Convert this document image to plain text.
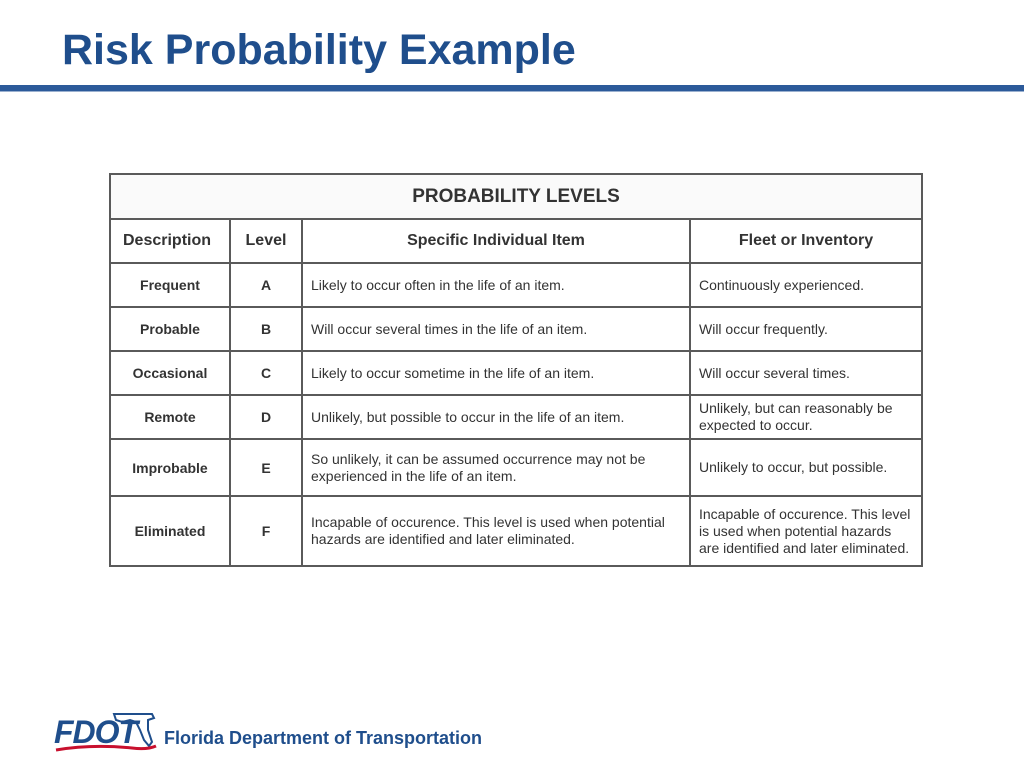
Risk Probability Example
PROBABILITY LEVELS			
Description	Level	Specific Individual Item	Fleet or Inventory
Frequent	A	Likely to occur often in the life of an item.	Continuously experienced.
Probable	B	Will occur several times in the life of an item.	Will occur frequently.
Occasional	C	Likely to occur sometime in the life of an item.	Will occur several times.
Remote	D	Unlikely, but possible to occur in the life of an item.	Unlikely, but can reasonably be expected to occur.
Improbable	E	So unlikely, it can be assumed occurrence may not be experienced in the life of an item.	Unlikely to occur, but possible.
Eliminated	F	Incapable of occurence. This level is used when potential hazards are identified and later eliminated.	Incapable of occurence. This level is used when potential hazards are identified and later eliminated.
FDOT Florida Department of Transportation
